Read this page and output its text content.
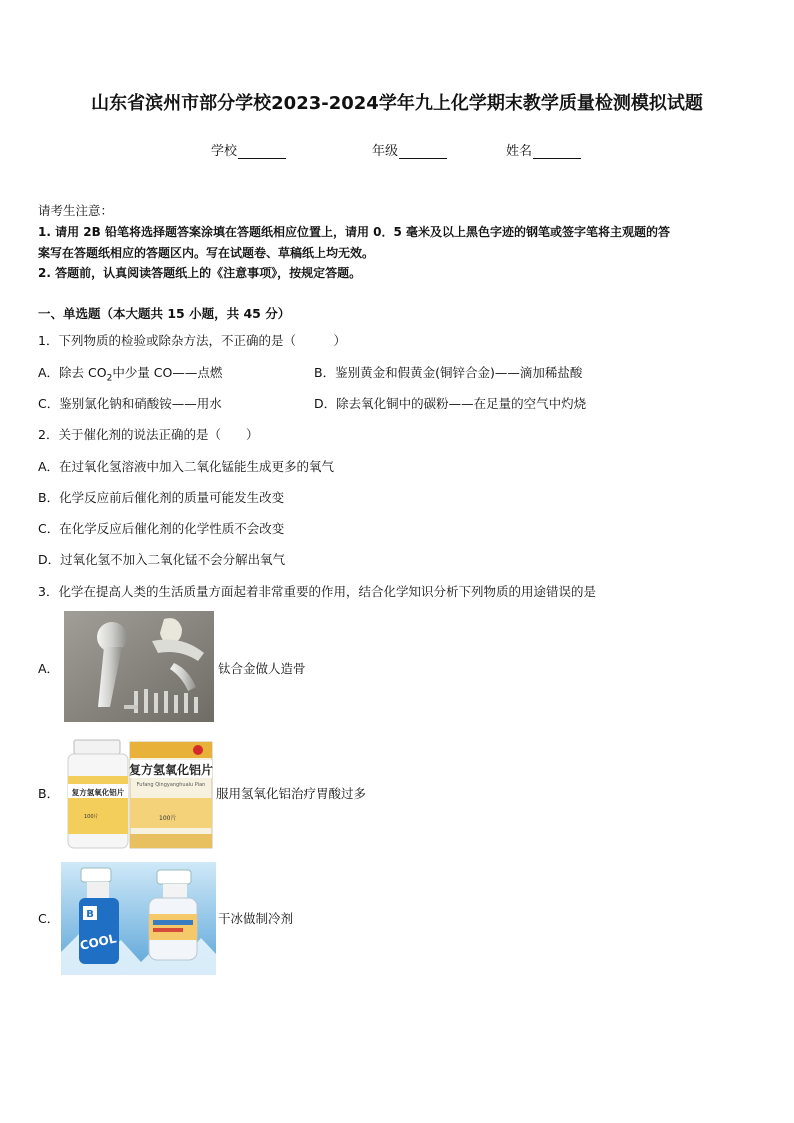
山东省滨州市部分学校2023-2024学年九上化学期末教学质量检测模拟试题
学校	年级	姓名
请考生注意：
1. 请用 2B 铅笔将选择题答案涂填在答题纸相应位置上，请用 0．5 毫米及以上黑色字迹的钢笔或签字笔将主观题的答
案写在答题纸相应的答题区内。写在试题卷、草稿纸上均无效。
2. 答题前，认真阅读答题纸上的《注意事项》，按规定答题。
一、单选题（本大题共 15 小题，共 45 分）
1．下列物质的检验或除杂方法，不正确的是（　　　）
A．除去 $CO_2$中少量 CO——点燃	B．鉴别黄金和假黄金(铜锌合金)——滴加稀盐酸
C．鉴别氯化钠和硝酸铵——用水	D．除去氧化铜中的碳粉——在足量的空气中灼烧
2．关于催化剂的说法正确的是（　　）
A．在过氧化氢溶液中加入二氧化锰能生成更多的氧气
B．化学反应前后催化剂的质量可能发生改变
C．在化学反应后催化剂的化学性质不会改变
D．过氧化氢不加入二氧化锰不会分解出氧气
3．化学在提高人类的生活质量方面起着非常重要的作用，结合化学知识分析下列物质的用途错误的是
A．	钛合金做人造骨
B．
复方氢氧化铝片
Fufang Qingyanghualu Pian
复方氢氧化铝片
100片	100片
服用氢氧化铝治疗胃酸过多
C．	B
COOL
干冰做制冷剂
